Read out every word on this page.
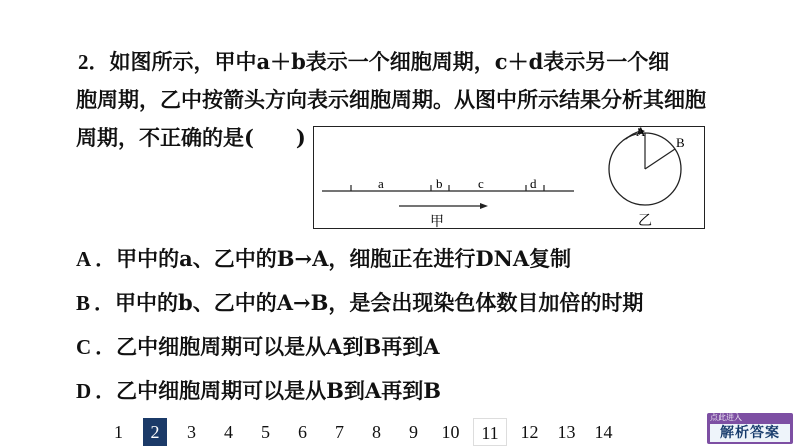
2．如图所示，甲中a＋b表示一个细胞周期，c＋d表示另一个细
胞周期，乙中按箭头方向表示细胞周期。从图中所示结果分析其细胞
周期，不正确的是(　　)
a	b	c	d
甲
A
B
乙
A ．甲中的a、乙中的B→A，细胞正在进行DNA复制
B ．甲中的b、乙中的A→B，是会出现染色体数目加倍的时期
C ．乙中细胞周期可以是从A到B再到A
D ．乙中细胞周期可以是从B到A再到B
1	2	3	4	5	6	7	8	9	10	11	12	13	14
点此进入
解析答案
